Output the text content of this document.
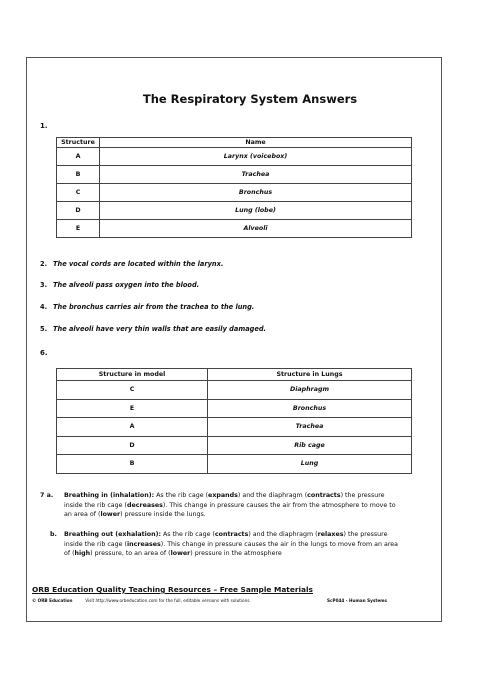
The Respiratory System Answers
1.
Structure	Name
A	Larynx (voicebox)
B	Trachea
C	Bronchus
D	Lung (lobe)
E	Alveoli
2. The vocal cords are located within the larynx.
3. The alveoli pass oxygen into the blood.
4. The bronchus carries air from the trachea to the lung.
5. The alveoli have very thin walls that are easily damaged.
6.
Structure in model	Structure in Lungs
C	Diaphragm
E	Bronchus
A	Trachea
D	Rib cage
B	Lung
7 a. Breathing in (inhalation): As the rib cage (expands) and the diaphragm (contracts) the pressure inside the rib cage (decreases). This change in pressure causes the air from the atmosphere to move to an area of (lower) pressure inside the lungs.
b. Breathing out (exhalation): As the rib cage (contracts) and the diaphragm (relaxes) the pressure inside the rib cage (increases). This change in pressure causes the air in the lungs to move from an area of (high) pressure, to an area of (lower) pressure in the atmosphere
ORB Education Quality Teaching Resources – Free Sample Materials
© ORB Education	Visit http://www.orbeducation.com for the full, editable versions with solutions.	ScP044 - Human Systems
